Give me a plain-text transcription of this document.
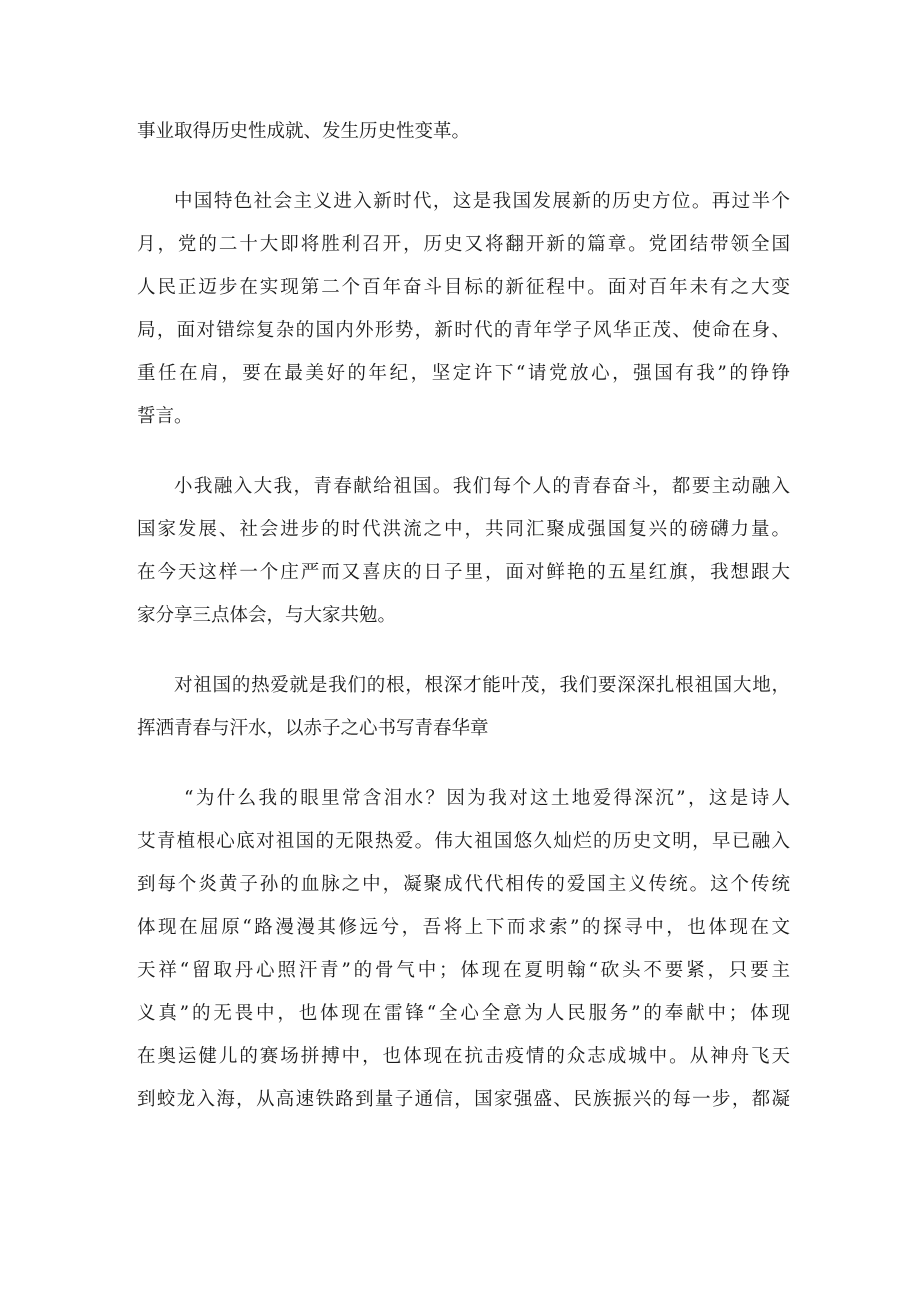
事业取得历史性成就、发生历史性变革。
中国特色社会主义进入新时代，这是我国发展新的历史方位。再过半个
月，党的二十大即将胜利召开，历史又将翻开新的篇章。党团结带领全国
人民正迈步在实现第二个百年奋斗目标的新征程中。面对百年未有之大变
局，面对错综复杂的国内外形势，新时代的青年学子风华正茂、使命在身、
重任在肩，要在最美好的年纪，坚定许下“请党放心，强国有我”的铮铮
誓言。
小我融入大我，青春献给祖国。我们每个人的青春奋斗，都要主动融入
国家发展、社会进步的时代洪流之中，共同汇聚成强国复兴的磅礴力量。
在今天这样一个庄严而又喜庆的日子里，面对鲜艳的五星红旗，我想跟大
家分享三点体会，与大家共勉。
对祖国的热爱就是我们的根，根深才能叶茂，我们要深深扎根祖国大地，
挥洒青春与汗水，以赤子之心书写青春华章
“为什么我的眼里常含泪水？因为我对这土地爱得深沉”，这是诗人
艾青植根心底对祖国的无限热爱。伟大祖国悠久灿烂的历史文明，早已融入
到每个炎黄子孙的血脉之中，凝聚成代代相传的爱国主义传统。这个传统
体现在屈原“路漫漫其修远兮，吾将上下而求索”的探寻中，也体现在文
天祥“留取丹心照汗青”的骨气中；体现在夏明翰“砍头不要紧，只要主
义真”的无畏中，也体现在雷锋“全心全意为人民服务”的奉献中；体现
在奥运健儿的赛场拼搏中，也体现在抗击疫情的众志成城中。从神舟飞天
到蛟龙入海，从高速铁路到量子通信，国家强盛、民族振兴的每一步，都凝
